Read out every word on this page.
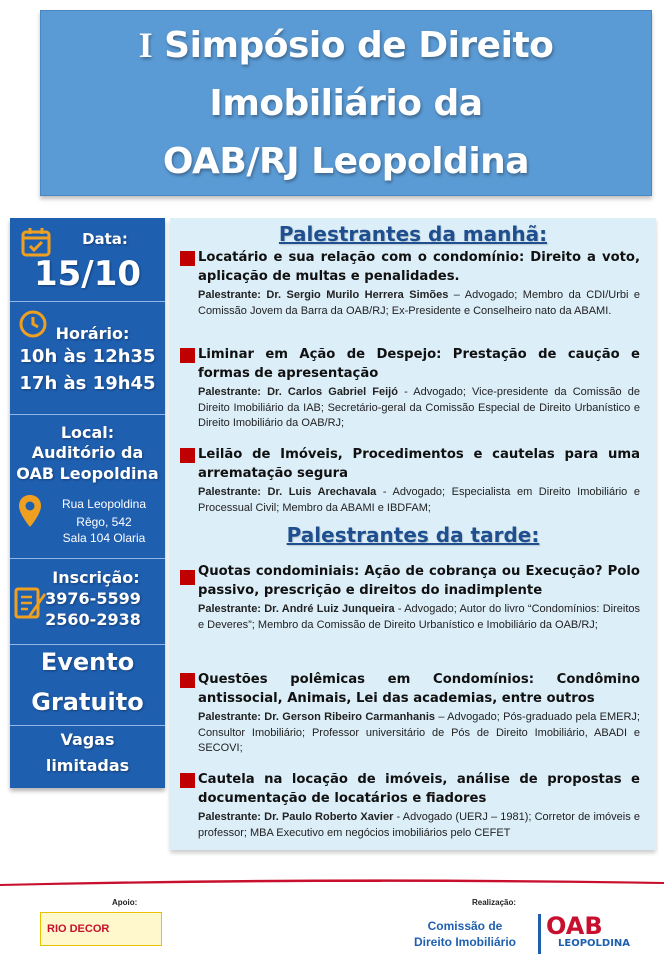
I Simpósio de Direito
Imobiliário da
OAB/RJ Leopoldina
Data:
15/10
Horário:
10h às 12h35
17h às 19h45
Local:
Auditório da
OAB Leopoldina
Rua Leopoldina
Rêgo, 542
Sala 104 Olaria
Inscrição:
3976-5599
2560-2938
Evento
Gratuito
Vagas
limitadas
Palestrantes da manhã:
Locatário e sua relação com o condomínio: Direito a voto, aplicação de multas e penalidades.
Palestrante: Dr. Sergio Murilo Herrera Simões – Advogado; Membro da CDI/Urbi e Comissão Jovem da Barra da OAB/RJ; Ex-Presidente e Conselheiro nato da ABAMI.
Liminar em Ação de Despejo: Prestação de caução e formas de apresentação
Palestrante: Dr. Carlos Gabriel Feijó - Advogado; Vice-presidente da Comissão de Direito Imobiliário da IAB; Secretário-geral da Comissão Especial de Direito Urbanístico e Direito Imobiliário da OAB/RJ;
Leilão de Imóveis, Procedimentos e cautelas para uma arrematação segura
Palestrante: Dr. Luis Arechavala - Advogado; Especialista em Direito Imobiliário e Processual Civil; Membro da ABAMI e IBDFAM;
Palestrantes da tarde:
Quotas condominiais: Ação de cobrança ou Execução? Polo passivo, prescrição e direitos do inadimplente
Palestrante: Dr. André Luiz Junqueira - Advogado; Autor do livro “Condomínios: Direitos e Deveres”; Membro da Comissão de Direito Urbanístico e Imobiliário da OAB/RJ;
Questões polêmicas em Condomínios: Condômino antissocial, Animais, Lei das academias, entre outros
Palestrante: Dr. Gerson Ribeiro Carmanhanis – Advogado; Pós-graduado pela EMERJ; Consultor Imobiliário; Professor universitário de Pós de Direito Imobiliário, ABADI e SECOVI;
Cautela na locação de imóveis, análise de propostas e documentação de locatários e fiadores
Palestrante: Dr. Paulo Roberto Xavier - Advogado (UERJ – 1981); Corretor de imóveis e professor; MBA Executivo em negócios imobiliários pelo CEFET
Apoio:
RIO DECOR
Realização:
Comissão de
Direito Imobiliário
OAB
LEOPOLDINA
